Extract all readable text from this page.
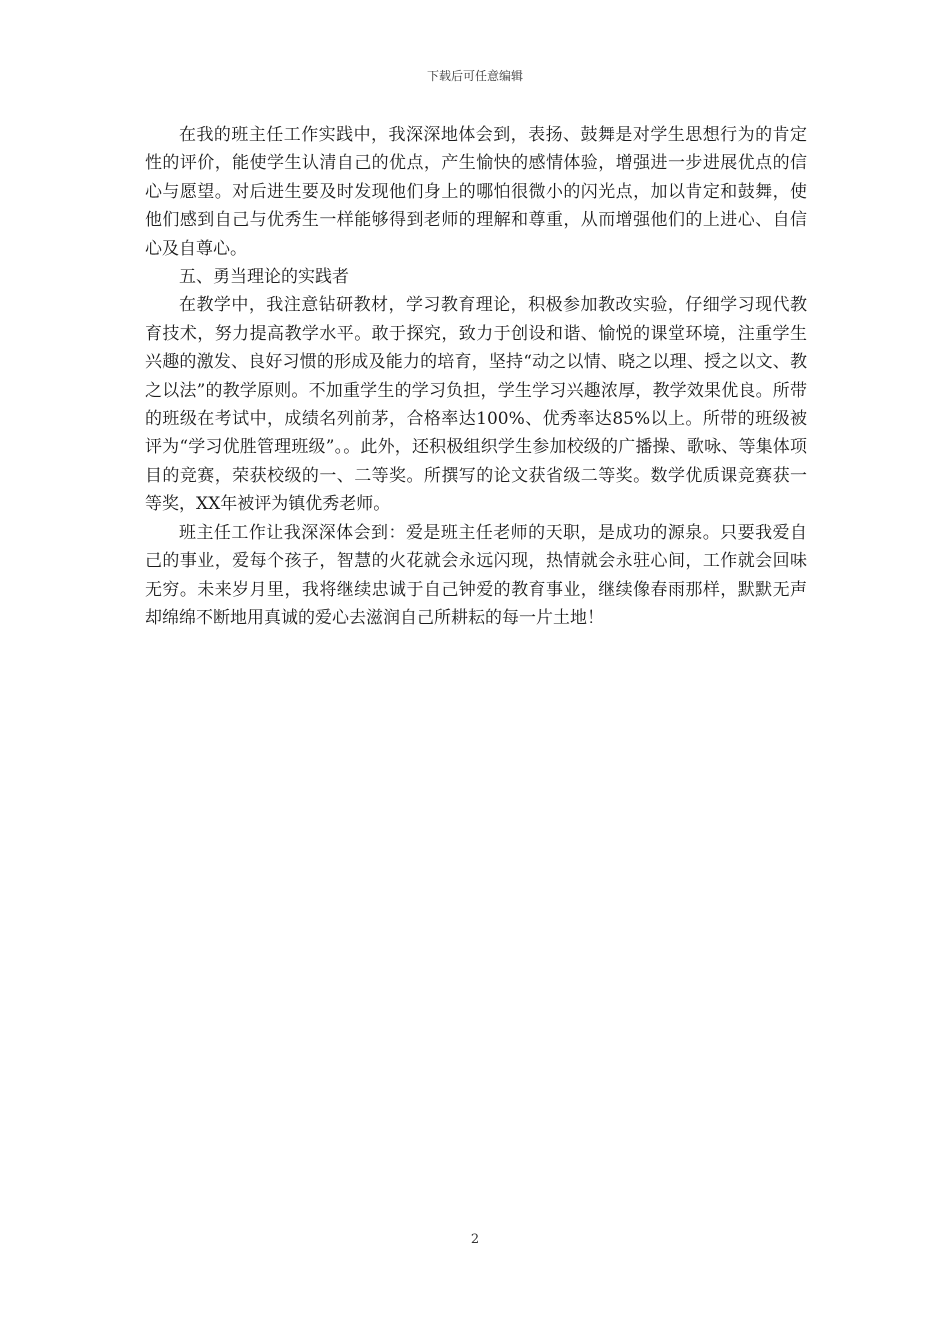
下载后可任意编辑

在我的班主任工作实践中，我深深地体会到，表扬、鼓舞是对学生思想行为的肯定性的评价，能使学生认清自己的优点，产生愉快的感情体验，增强进一步进展优点的信心与愿望。对后进生要及时发现他们身上的哪怕很微小的闪光点，加以肯定和鼓舞，使他们感到自己与优秀生一样能够得到老师的理解和尊重，从而增强他们的上进心、自信心及自尊心。

五、勇当理论的实践者

在教学中，我注意钻研教材，学习教育理论，积极参加教改实验，仔细学习现代教育技术，努力提高教学水平。敢于探究，致力于创设和谐、愉悦的课堂环境，注重学生兴趣的激发、良好习惯的形成及能力的培育，坚持“动之以情、晓之以理、授之以文、教之以法”的教学原则。不加重学生的学习负担，学生学习兴趣浓厚，教学效果优良。所带的班级在考试中，成绩名列前茅，合格率达100%、优秀率达85%以上。所带的班级被评为“学习优胜管理班级”。。此外，还积极组织学生参加校级的广播操、歌咏、等集体项目的竞赛，荣获校级的一、二等奖。所撰写的论文获省级二等奖。数学优质课竞赛获一等奖，XX年被评为镇优秀老师。

班主任工作让我深深体会到：爱是班主任老师的天职，是成功的源泉。只要我爱自己的事业，爱每个孩子，智慧的火花就会永远闪现，热情就会永驻心间，工作就会回味无穷。未来岁月里，我将继续忠诚于自己钟爱的教育事业，继续像春雨那样，默默无声却绵绵不断地用真诚的爱心去滋润自己所耕耘的每一片土地！

2
